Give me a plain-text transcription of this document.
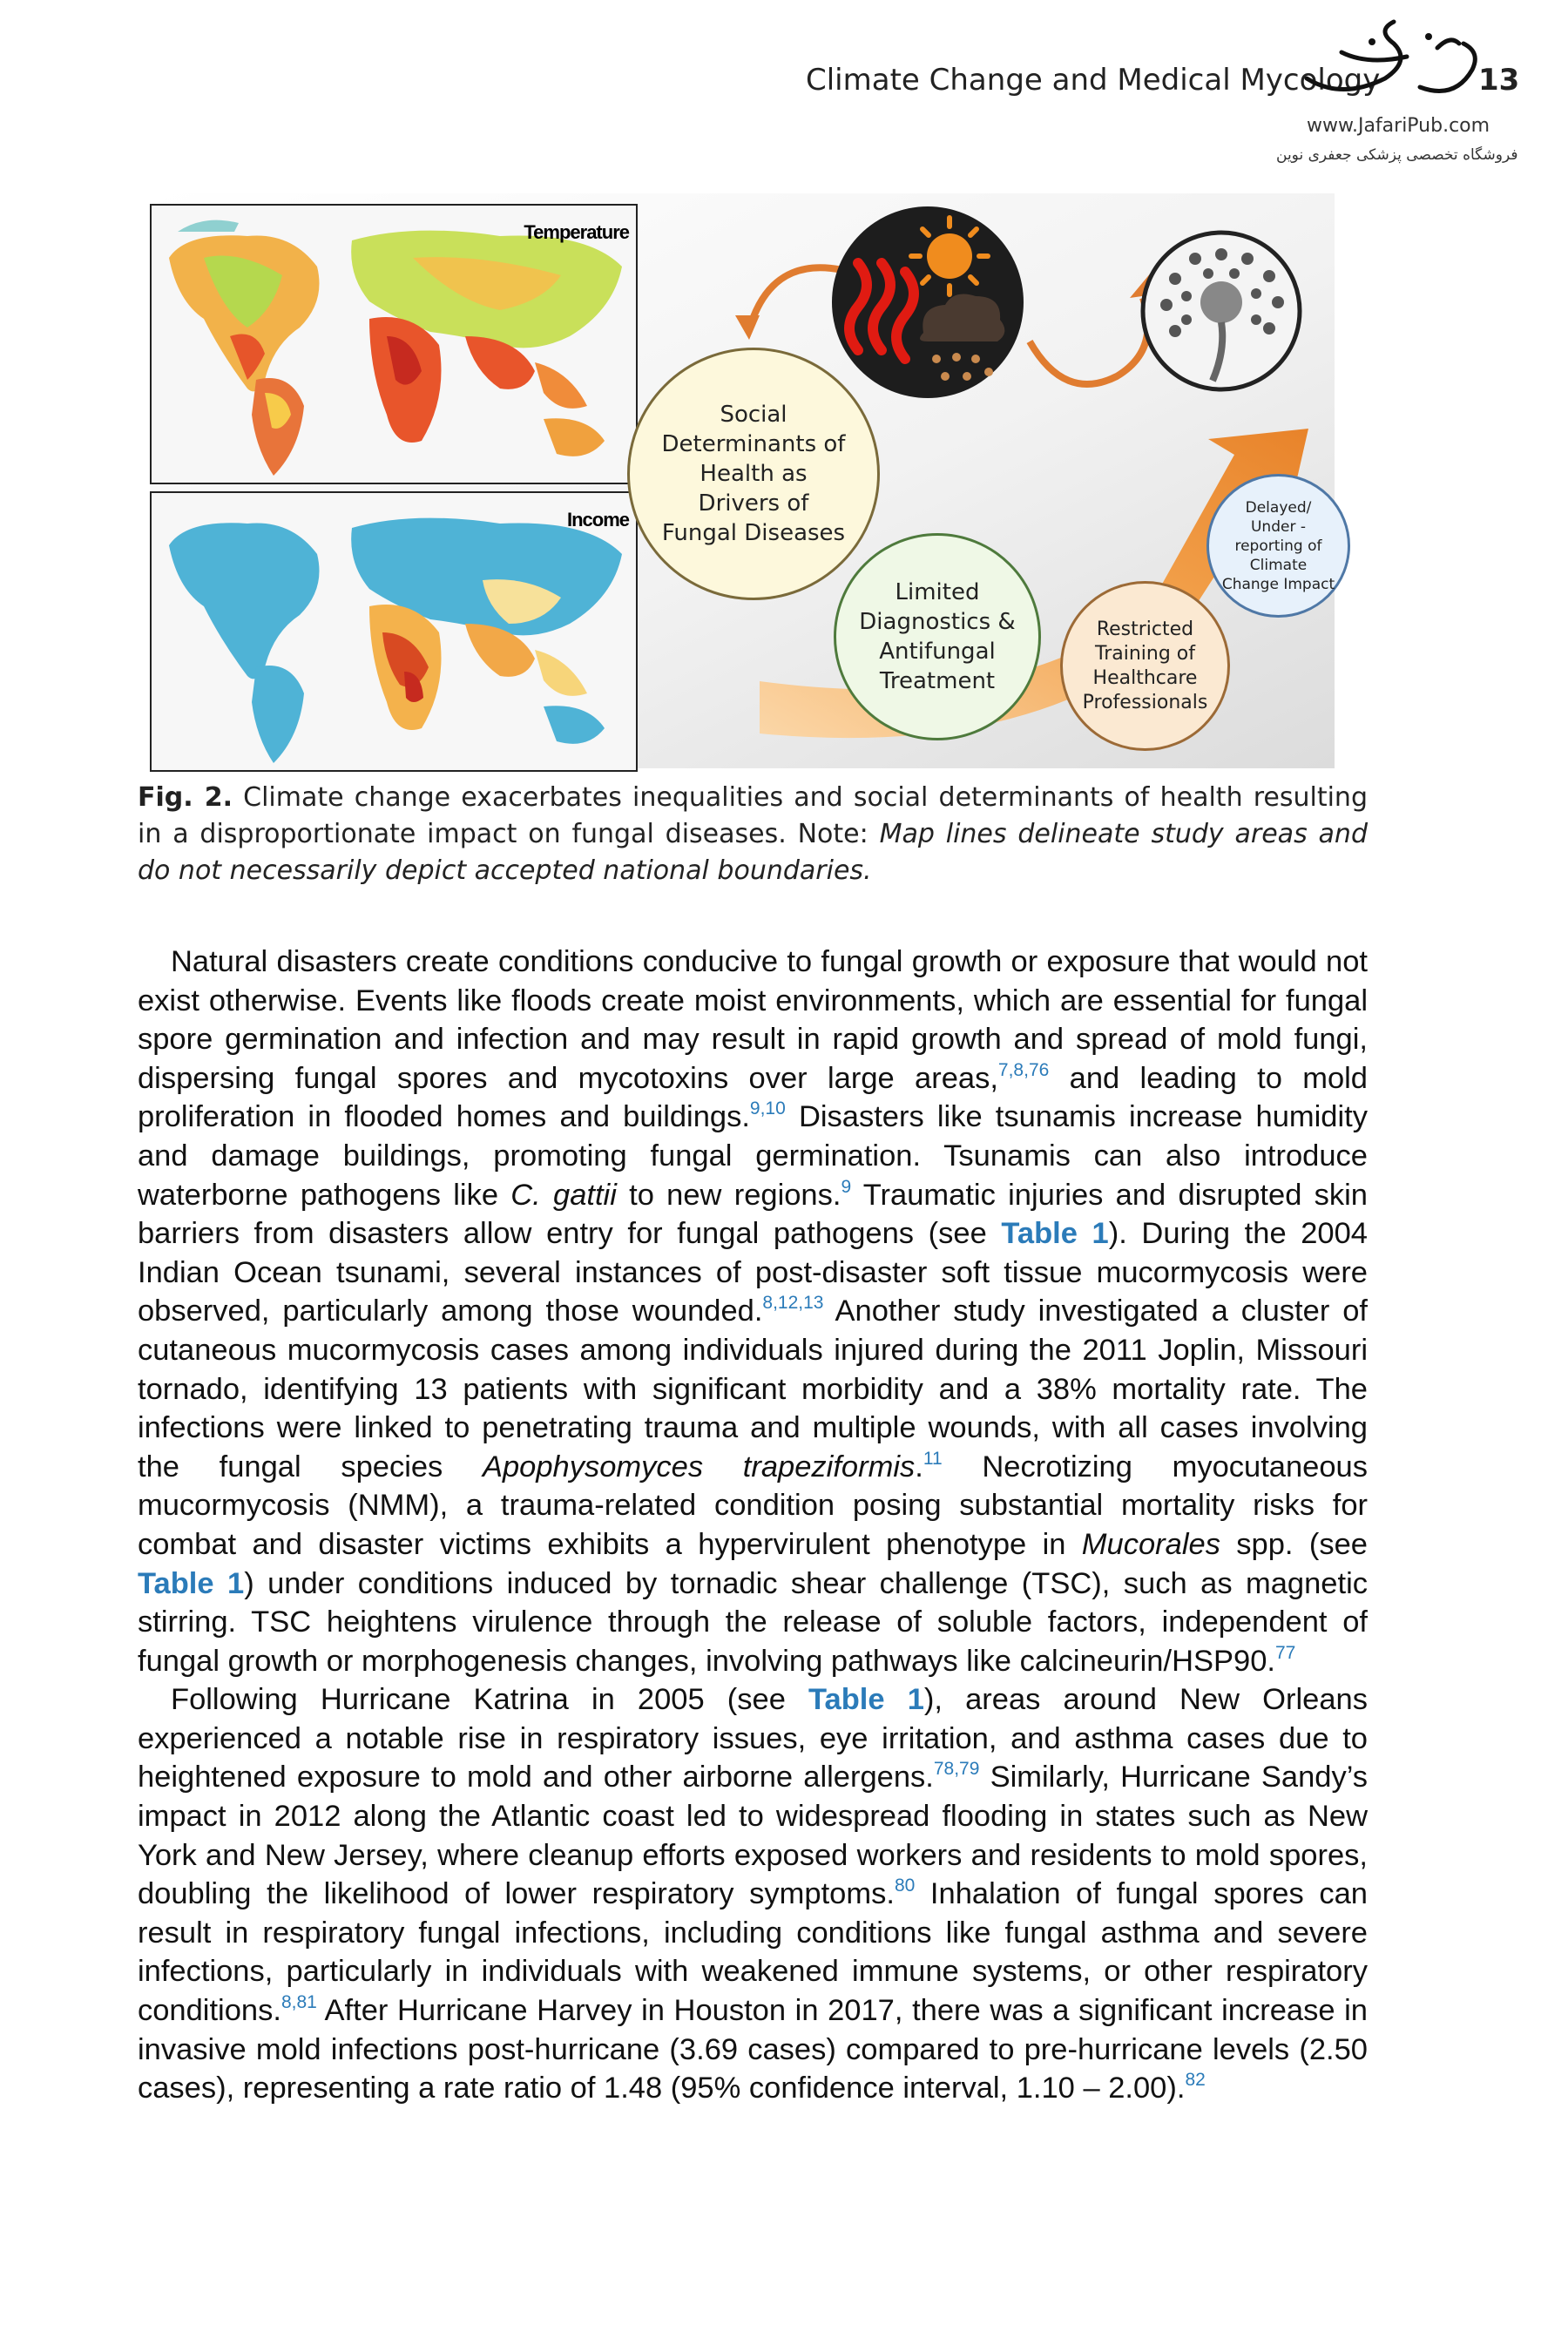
Climate Change and Medical Mycology	13
www.JafariPub.com
فروشگاه تخصصی پزشکی جعفری نوین
Temperature
Income
Social
Determinants of
Health as
Drivers of
Fungal Diseases
Limited
Diagnostics &
Antifungal
Treatment
Restricted
Training of
Healthcare
Professionals
Delayed/
Under -
reporting of
Climate
Change Impact
Fig. 2. Climate change exacerbates inequalities and social determinants of health resulting in a disproportionate impact on fungal diseases. Note: Map lines delineate study areas and do not necessarily depict accepted national boundaries.

Natural disasters create conditions conducive to fungal growth or exposure that would not exist otherwise. Events like floods create moist environments, which are essential for fungal spore germination and infection and may result in rapid growth and spread of mold fungi, dispersing fungal spores and mycotoxins over large areas,$^{7,8,76}$ and leading to mold proliferation in flooded homes and buildings.$^{9,10}$ Disasters like tsunamis increase humidity and damage buildings, promoting fungal germination. Tsunamis can also introduce waterborne pathogens like C. gattii to new regions.$^9$ Traumatic injuries and disrupted skin barriers from disasters allow entry for fungal pathogens (see Table 1). During the 2004 Indian Ocean tsunami, several instances of post-disaster soft tissue mucormycosis were observed, particularly among those wounded.$^{8,12,13}$ Another study investigated a cluster of cutaneous mucormycosis cases among individuals injured during the 2011 Joplin, Missouri tornado, identifying 13 patients with significant morbidity and a 38% mortality rate. The infections were linked to penetrating trauma and multiple wounds, with all cases involving the fungal species Apophysomyces trapeziformis.$^{11}$ Necrotizing myocutaneous mucormycosis (NMM), a trauma-related condition posing substantial mortality risks for combat and disaster victims exhibits a hypervirulent phenotype in Mucorales spp. (see Table 1) under conditions induced by tornadic shear challenge (TSC), such as magnetic stirring. TSC heightens virulence through the release of soluble factors, independent of fungal growth or morphogenesis changes, involving pathways like calcineurin/HSP90.77

Following Hurricane Katrina in 2005 (see Table 1), areas around New Orleans experienced a notable rise in respiratory issues, eye irritation, and asthma cases due to heightened exposure to mold and other airborne allergens.$^{78,79}$ Similarly, Hurricane Sandy’s impact in 2012 along the Atlantic coast led to widespread flooding in states such as New York and New Jersey, where cleanup efforts exposed workers and residents to mold spores, doubling the likelihood of lower respiratory symptoms.$^{80}$ Inhalation of fungal spores can result in respiratory fungal infections, including conditions like fungal asthma and severe infections, particularly in individuals with weakened immune systems, or other respiratory conditions.$^{8,81}$ After Hurricane Harvey in Houston in 2017, there was a significant increase in invasive mold infections post-hurricane (3.69 cases) compared to pre-hurricane levels (2.50 cases), representing a rate ratio of 1.48 (95% confidence interval, 1.10 – 2.00).$^{82}$
